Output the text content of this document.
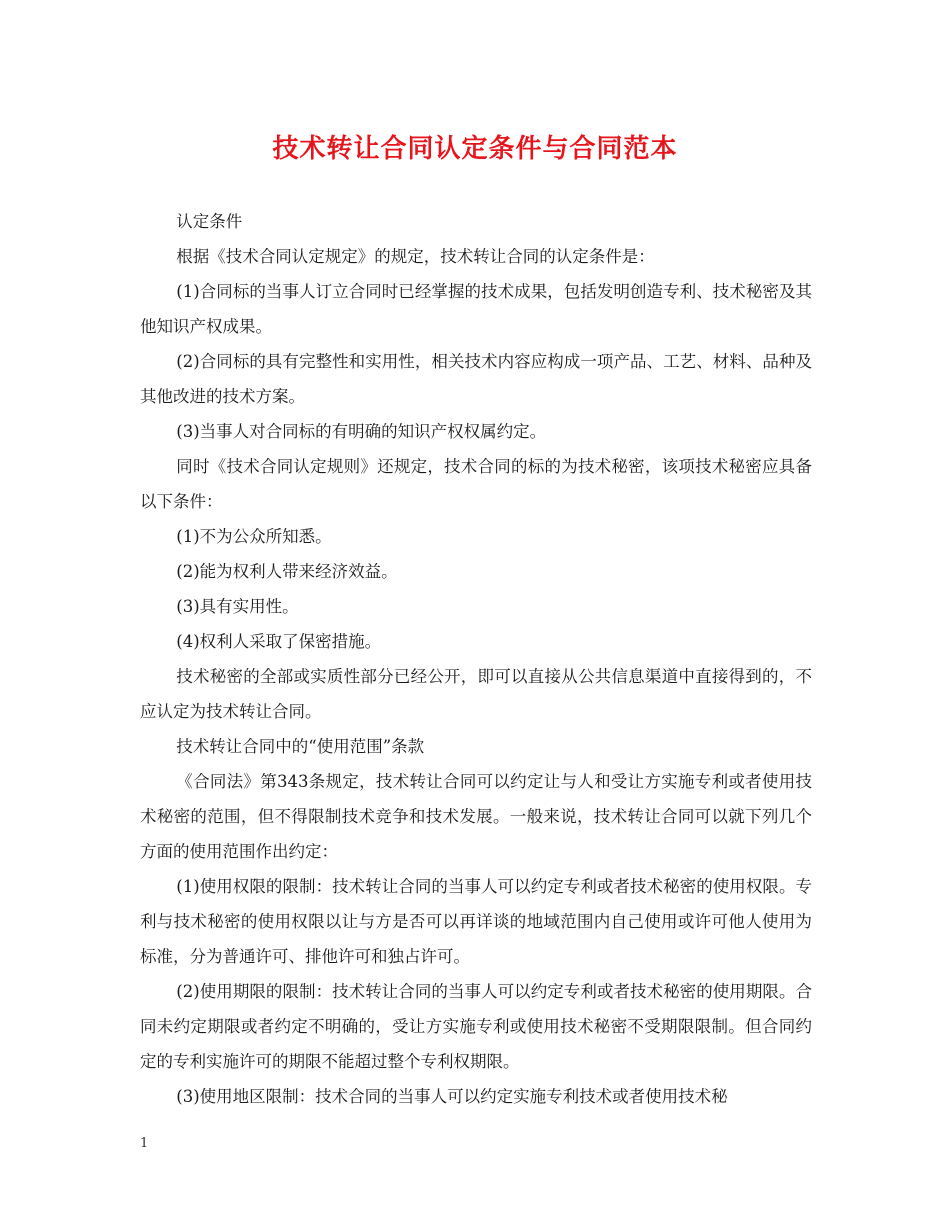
技术转让合同认定条件与合同范本

认定条件

根据《技术合同认定规定》的规定，技术转让合同的认定条件是：

(1)合同标的当事人订立合同时已经掌握的技术成果，包括发明创造专利、技术秘密及其他知识产权成果。

(2)合同标的具有完整性和实用性，相关技术内容应构成一项产品、工艺、材料、品种及其他改进的技术方案。

(3)当事人对合同标的有明确的知识产权权属约定。

同时《技术合同认定规则》还规定，技术合同的标的为技术秘密，该项技术秘密应具备以下条件：

(1)不为公众所知悉。

(2)能为权利人带来经济效益。

(3)具有实用性。

(4)权利人采取了保密措施。

技术秘密的全部或实质性部分已经公开，即可以直接从公共信息渠道中直接得到的，不应认定为技术转让合同。

技术转让合同中的“使用范围”条款

《合同法》第343条规定，技术转让合同可以约定让与人和受让方实施专利或者使用技术秘密的范围，但不得限制技术竞争和技术发展。一般来说，技术转让合同可以就下列几个方面的使用范围作出约定：

(1)使用权限的限制：技术转让合同的当事人可以约定专利或者技术秘密的使用权限。专利与技术秘密的使用权限以让与方是否可以再详谈的地域范围内自己使用或许可他人使用为标准，分为普通许可、排他许可和独占许可。

(2)使用期限的限制：技术转让合同的当事人可以约定专利或者技术秘密的使用期限。合同未约定期限或者约定不明确的，受让方实施专利或使用技术秘密不受期限限制。但合同约定的专利实施许可的期限不能超过整个专利权期限。

(3)使用地区限制：技术合同的当事人可以约定实施专利技术或者使用技术秘

1
